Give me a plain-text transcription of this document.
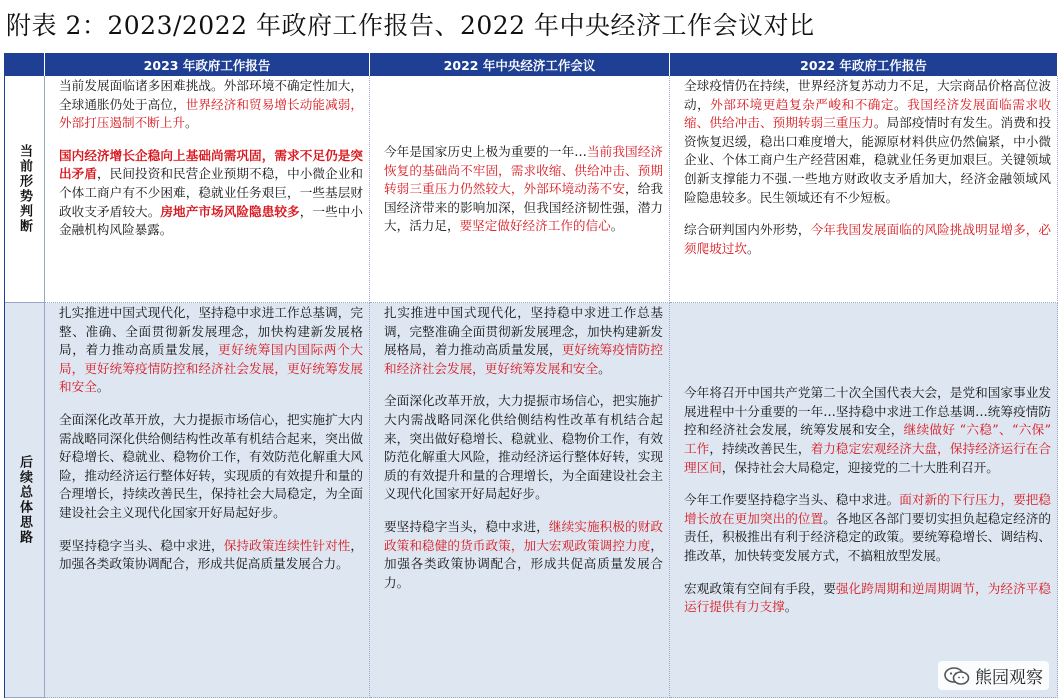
附表 2：2023/2022 年政府工作报告、2022 年中央经济工作会议对比
2023 年政府工作报告	2022 年中央经济工作会议	2022 年政府工作报告
当前形势判断

当前发展面临诸多困难挑战。外部环境不确定性加大，全球通胀仍处于高位，世界经济和贸易增长动能减弱，外部打压遏制不断上升。

国内经济增长企稳向上基础尚需巩固，需求不足仍是突出矛盾，民间投资和民营企业预期不稳，中小微企业和个体工商户有不少困难，稳就业任务艰巨，一些基层财政收支矛盾较大。房地产市场风险隐患较多，一些中小金融机构风险暴露。

今年是国家历史上极为重要的一年…当前我国经济恢复的基础尚不牢固，需求收缩、供给冲击、预期转弱三重压力仍然较大，外部环境动荡不安，给我国经济带来的影响加深，但我国经济韧性强，潜力大，活力足，要坚定做好经济工作的信心。

全球疫情仍在持续，世界经济复苏动力不足，大宗商品价格高位波动，外部环境更趋复杂严峻和不确定。我国经济发展面临需求收缩、供给冲击、预期转弱三重压力。局部疫情时有发生。消费和投资恢复迟缓，稳出口难度增大，能源原材料供应仍然偏紧，中小微企业、个体工商户生产经营困难，稳就业任务更加艰巨。关键领域创新支撑能力不强.一些地方财政收支矛盾加大，经济金融领域风险隐患较多。民生领域还有不少短板。

综合研判国内外形势，今年我国发展面临的风险挑战明显增多，必须爬坡过坎。

后续总体思路

扎实推进中国式现代化，坚持稳中求进工作总基调，完整、准确、全面贯彻新发展理念，加快构建新发展格局，着力推动高质量发展，更好统筹国内国际两个大局，更好统筹疫情防控和经济社会发展，更好统筹发展和安全。

全面深化改革开放，大力提振市场信心，把实施扩大内需战略同深化供给侧结构性改革有机结合起来，突出做好稳增长、稳就业、稳物价工作，有效防范化解重大风险，推动经济运行整体好转，实现质的有效提升和量的合理增长，持续改善民生，保持社会大局稳定，为全面建设社会主义现代化国家开好局起好步。

要坚持稳字当头、稳中求进，保持政策连续性针对性，加强各类政策协调配合，形成共促高质量发展合力。

扎实推进中国式现代化，坚持稳中求进工作总基调，完整准确全面贯彻新发展理念，加快构建新发展格局，着力推动高质量发展，更好统筹疫情防控和经济社会发展，更好统筹发展和安全。

全面深化改革开放，大力提振市场信心，把实施扩大内需战略同深化供给侧结构性改革有机结合起来，突出做好稳增长、稳就业、稳物价工作，有效防范化解重大风险，推动经济运行整体好转，实现质的有效提升和量的合理增长，为全面建设社会主义现代化国家开好局起好步。

要坚持稳字当头，稳中求进，继续实施积极的财政政策和稳健的货币政策，加大宏观政策调控力度，加强各类政策协调配合，形成共促高质量发展合力。

今年将召开中国共产党第二十次全国代表大会，是党和国家事业发展进程中十分重要的一年…坚持稳中求进工作总基调…统筹疫情防控和经济社会发展，统筹发展和安全，继续做好 “六稳”、“六保” 工作，持续改善民生，着力稳定宏观经济大盘，保持经济运行在合理区间，保持社会大局稳定，迎接党的二十大胜利召开。

今年工作要坚持稳字当头、稳中求进。面对新的下行压力，要把稳增长放在更加突出的位置。各地区各部门要切实担负起稳定经济的责任，积极推出有利于经济稳定的政策。要统筹稳增长、调结构、推改革，加快转变发展方式，不搞粗放型发展。

宏观政策有空间有手段，要强化跨周期和逆周期调节，为经济平稳运行提供有力支撑。

熊园观察
